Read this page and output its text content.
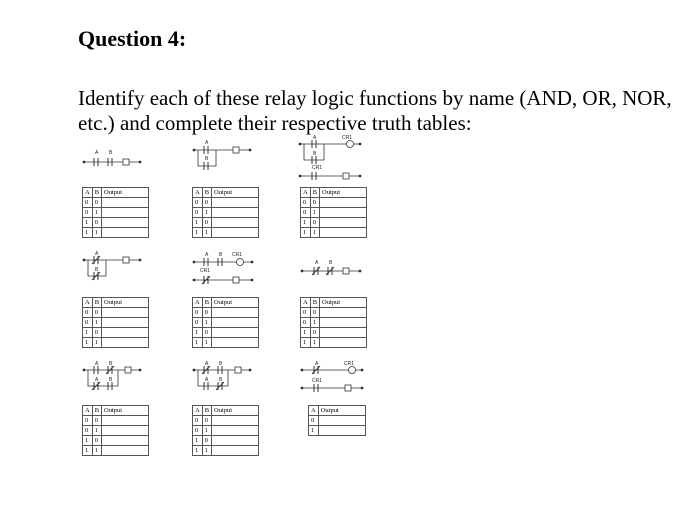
Question 4:
Identify each of these relay logic functions by name (AND, OR, NOR, etc.) and complete their respective truth tables:
A B
A
B
A	CR1
B
CR1
A	B	Output
0	0	
0	1	
1	0	
1	1	
A	B	Output
0	0	
0	1	
1	0	
1	1	
A	B	Output
0	0	
0	1	
1	0	
1	1	
A
B
A B CR1
CR1
A B
A	B	Output
0	0	
0	1	
1	0	
1	1	
A	B	Output
0	0	
0	1	
1	0	
1	1	
A	B	Output
0	0	
0	1	
1	0	
1	1	
A B
A B
A B
A B
A	CR1
CR1
A	B	Output
0	0	
0	1	
1	0	
1	1	
A	B	Output
0	0	
0	1	
1	0	
1	1	
A	Output
0	
1	
